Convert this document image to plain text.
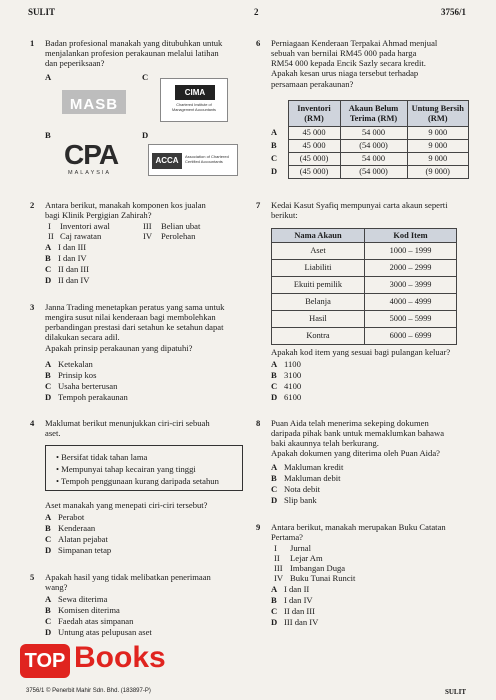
SULIT	2	3756/1
1 Badan profesional manakah yang ditubuhkan untuk
menjalankan profesion perakaunan melalui latihan
dan peperiksaan?
A	C
MASB
CIMA
Chartered Institute of Management Accountants
B	D
CPA
MALAYSIA
ACCA	Association of Chartered Certified Accountants
2 Antara berikut, manakah komponen kos jualan
bagi Klinik Pergigian Zahirah?
I Inventori awal	III Belian ubat
II Caj rawatan	IV Perolehan
A I dan III
B I dan IV
C II dan III
D II dan IV
3 Janna Trading menetapkan peratus yang sama untuk
mengira susut nilai kenderaan bagi membolehkan
perbandingan prestasi dari setahun ke setahun dapat
dilakukan secara adil.
Apakah prinsip perakaunan yang dipatuhi?
A Ketekalan
B Prinsip kos
C Usaha berterusan
D Tempoh perakaunan
4 Maklumat berikut menunjukkan ciri-ciri sebuah
aset.
• Bersifat tidak tahan lama
• Mempunyai tahap kecairan yang tinggi
• Tempoh penggunaan kurang daripada setahun
Aset manakah yang menepati ciri-ciri tersebut?
A Perabot
B Kenderaan
C Alatan pejabat
D Simpanan tetap
5 Apakah hasil yang tidak melibatkan penerimaan
wang?
A Sewa diterima
B Komisen diterima
C Faedah atas simpanan
D Untung atas pelupusan aset
6 Perniagaan Kenderaan Terpakai Ahmad menjual
sebuah van bernilai RM45 000 pada harga
RM54 000 kepada Encik Sazly secara kredit.
Apakah kesan urus niaga tersebut terhadap
persamaan perakaunan?
	Inventori (RM)	Akaun Belum Terima (RM)	Untung Bersih (RM)
A	45 000	54 000	9 000
B	45 000	(54 000)	9 000
C	(45 000)	54 000	9 000
D	(45 000)	(54 000)	(9 000)
7 Kedai Kasut Syafiq mempunyai carta akaun seperti
berikut:
Nama Akaun	Kod Item
Aset	1000 – 1999
Liabiliti	2000 – 2999
Ekuiti pemilik	3000 – 3999
Belanja	4000 – 4999
Hasil	5000 – 5999
Kontra	6000 – 6999
Apakah kod item yang sesuai bagi pulangan keluar?
A 1100
B 3100
C 4100
D 6100
8 Puan Aida telah menerima sekeping dokumen
daripada pihak bank untuk memaklumkan bahawa
baki akaunnya telah berkurang.
Apakah dokumen yang diterima oleh Puan Aida?
A Makluman kredit
B Makluman debit
C Nota debit
D Slip bank
9 Antara berikut, manakah merupakan Buku Catatan
Pertama?
I Jurnal
II Lejar Am
III Imbangan Duga
IV Buku Tunai Runcit
A I dan II
B I dan IV
C II dan III
D III dan IV
TOP Books
3756/1 © Penerbit Mahir Sdn. Bhd. (183897-P)	SULIT
